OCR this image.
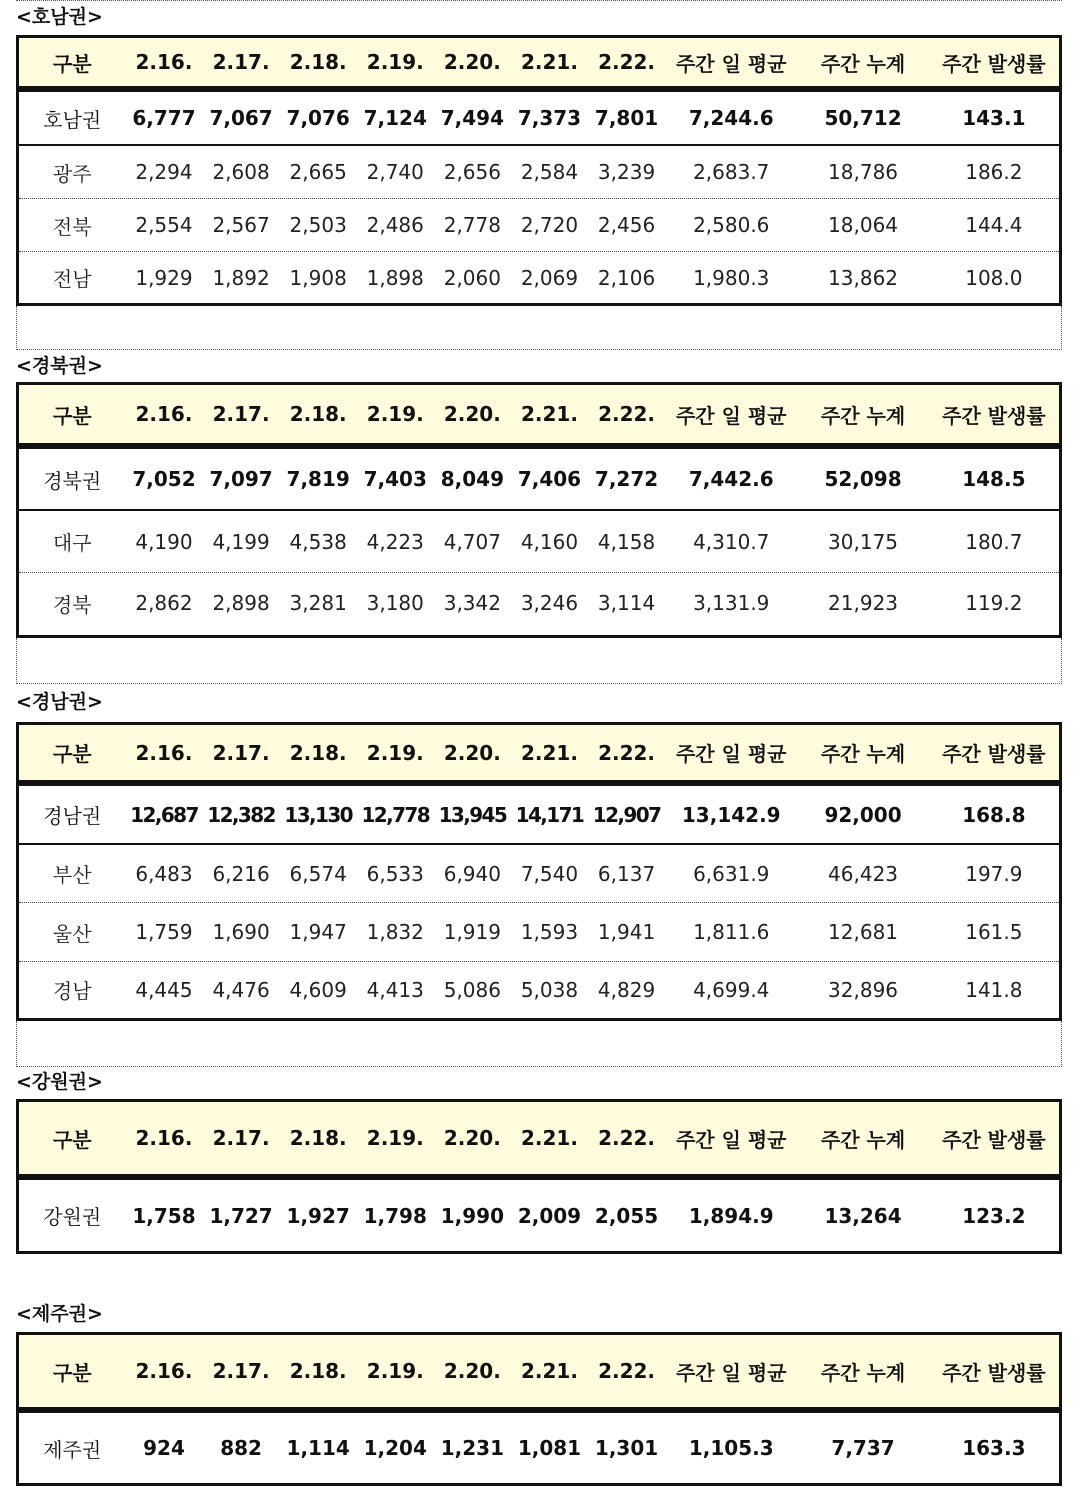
<호남권>
구분	2.16.	2.17.	2.18.	2.19.	2.20.	2.21.	2.22.	주간 일 평균	주간 누계	주간 발생률
호남권	6,777 7,067 7,076 7,124 7,494 7,373 7,801	7,244.6	50,712	143.1
광주	2,294 2,608 2,665 2,740 2,656 2,584 3,239	2,683.7	18,786	186.2
전북	2,554 2,567 2,503 2,486 2,778 2,720 2,456	2,580.6	18,064	144.4
전남	1,929 1,892 1,908 1,898 2,060 2,069 2,106	1,980.3	13,862	108.0
<경북권>
구분	2.16.	2.17.	2.18.	2.19.	2.20.	2.21.	2.22.	주간 일 평균	주간 누계	주간 발생률
경북권	7,052 7,097 7,819 7,403 8,049 7,406 7,272	7,442.6	52,098	148.5
대구	4,190 4,199 4,538 4,223 4,707 4,160 4,158	4,310.7	30,175	180.7
경북	2,862 2,898 3,281 3,180 3,342 3,246 3,114	3,131.9	21,923	119.2
<경남권>
구분	2.16.	2.17.	2.18.	2.19.	2.20.	2.21.	2.22.	주간 일 평균	주간 누계	주간 발생률
경남권	12,687 12,382 13,130 12,778 13,945 14,171 12,907	13,142.9	92,000	168.8
부산	6,483 6,216 6,574 6,533 6,940 7,540 6,137	6,631.9	46,423	197.9
울산	1,759 1,690 1,947 1,832 1,919 1,593 1,941	1,811.6	12,681	161.5
경남	4,445 4,476 4,609 4,413 5,086 5,038 4,829	4,699.4	32,896	141.8
<강원권>
구분	2.16.	2.17.	2.18.	2.19.	2.20.	2.21.	2.22.	주간 일 평균	주간 누계	주간 발생률
강원권	1,758 1,727 1,927 1,798 1,990 2,009 2,055	1,894.9	13,264	123.2
<제주권>
구분	2.16.	2.17.	2.18.	2.19.	2.20.	2.21.	2.22.	주간 일 평균	주간 누계	주간 발생률
제주권	924	882	1,114 1,204 1,231 1,081 1,301	1,105.3	7,737	163.3
